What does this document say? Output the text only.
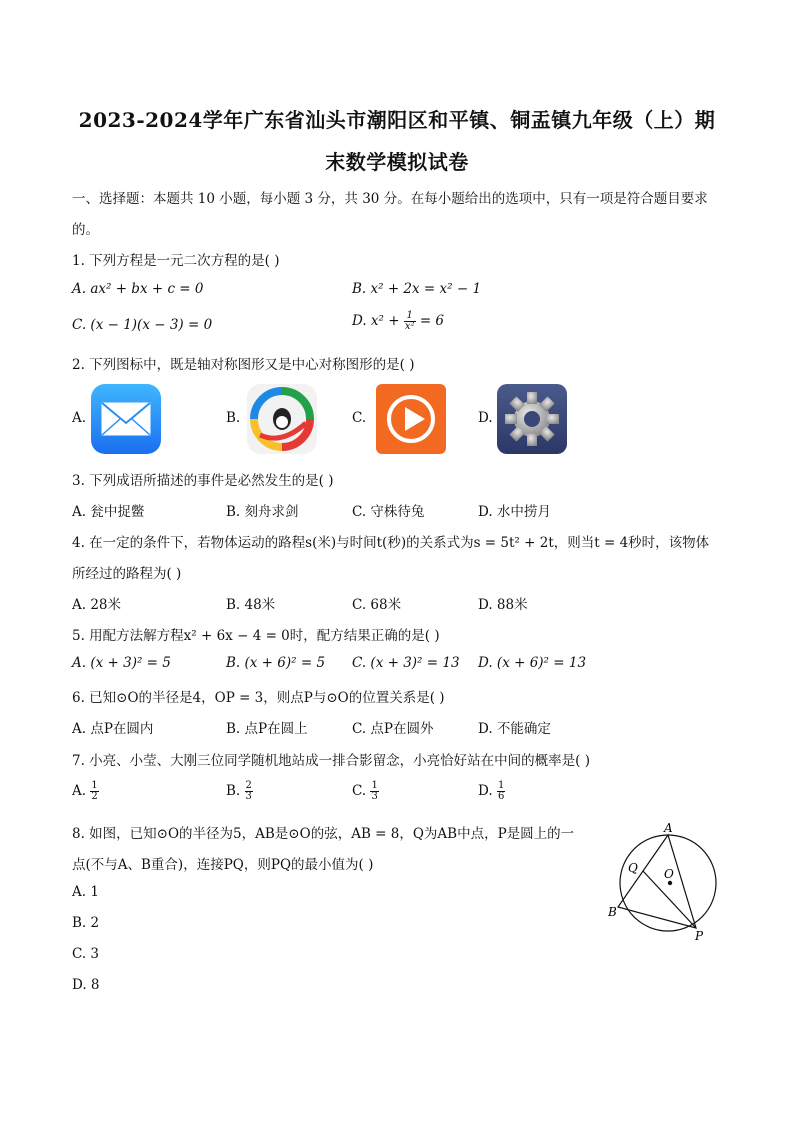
2023-2024学年广东省汕头市潮阳区和平镇、铜盂镇九年级（上）期
末数学模拟试卷
一、选择题：本题共 10 小题，每小题 3 分，共 30 分。在每小题给出的选项中，只有一项是符合题目要求
的。
1. 下列方程是一元二次方程的是( )
A. ax² + bx + c = 0	B. x² + 2x = x² − 1
C. (x − 1)(x − 3) = 0	D. $x^2 + \frac{1}{\text{x²}} = 6$
2. 下列图标中，既是轴对称图形又是中心对称图形的是( )
A.	B.	C.	D.
3. 下列成语所描述的事件是必然发生的是( )
A. 瓮中捉鳖	B. 刻舟求剑	C. 守株待兔	D. 水中捞月
4. 在一定的条件下，若物体运动的路程s(米)与时间t(秒)的关系式为s = 5t² + 2t，则当t = 4秒时，该物体
所经过的路程为( )
A. 28米	B. 48米	C. 68米	D. 88米
5. 用配方法解方程x² + 6x − 4 = 0时，配方结果正确的是( )
A. (x + 3)² = 5	B. (x + 6)² = 5 C. (x + 3)² = 13 D. (x + 6)² = 13
6. 已知⊙O的半径是4，OP = 3，则点P与⊙O的位置关系是( )
A. 点P在圆内	B. 点P在圆上	C. 点P在圆外	D. 不能确定
7. 小亮、小莹、大刚三位同学随机地站成一排合影留念，小亮恰好站在中间的概率是( )
A. $\frac{1}{2}$	B. $\frac{2}{3}$	C. $\frac{1}{3}$	D. $\frac{1}{6}$
8. 如图，已知⊙O的半径为5，AB是⊙O的弦，AB = 8，Q为AB中点，P是圆上的一
点(不与A、B重合)，连接PQ，则PQ的最小值为( )
A. 1
B. 2
C. 3
D. 8
A
B
P
Q O
